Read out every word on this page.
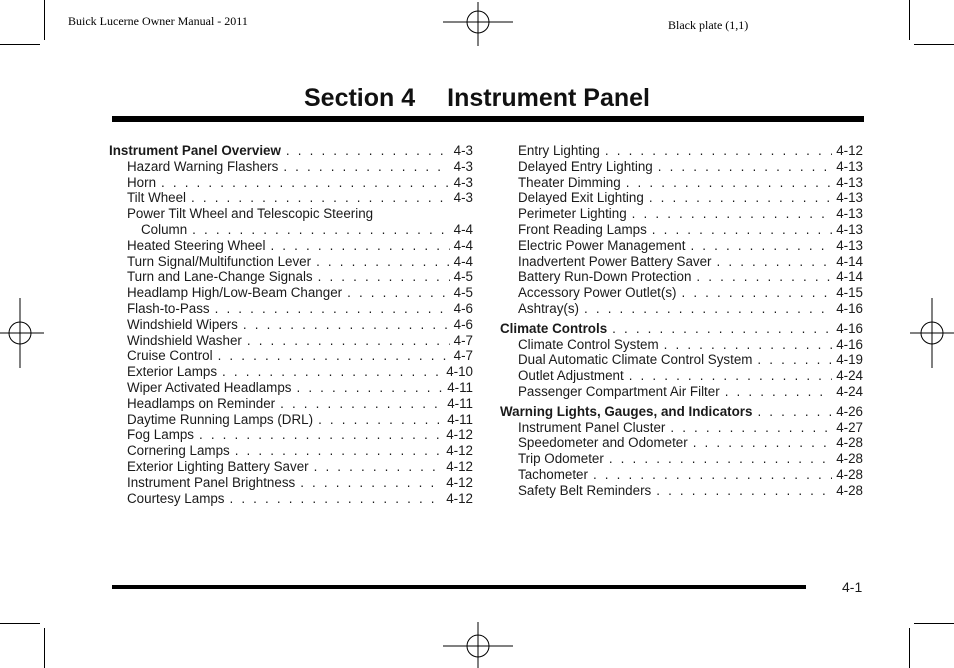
Buick Lucerne Owner Manual - 2011	Black plate (1,1)
Section 4 Instrument Panel
Instrument Panel Overview . . .	4-3
Hazard Warning Flashers . . .	4-3
Horn . . .	4-3
Tilt Wheel . . .	4-3
Power Tilt Wheel and Telescopic Steering
Column . . .	4-4
Heated Steering Wheel . . .	4-4
Turn Signal/Multifunction Lever . . .	4-4
Turn and Lane-Change Signals . . .	4-5
Headlamp High/Low-Beam Changer . . .	4-5
Flash-to-Pass . . .	4-6
Windshield Wipers . . .	4-6
Windshield Washer . . .	4-7
Cruise Control . . .	4-7
Exterior Lamps . . .	4-10
Wiper Activated Headlamps . . .	4-11
Headlamps on Reminder . . .	4-11
Daytime Running Lamps (DRL) . . .	4-11
Fog Lamps . . .	4-12
Cornering Lamps . . .	4-12
Exterior Lighting Battery Saver . . .	4-12
Instrument Panel Brightness . . .	4-12
Courtesy Lamps . . .	4-12
Entry Lighting . . .	4-12
Delayed Entry Lighting . . .	4-13
Theater Dimming . . .	4-13
Delayed Exit Lighting . . .	4-13
Perimeter Lighting . . .	4-13
Front Reading Lamps . . .	4-13
Electric Power Management . . .	4-13
Inadvertent Power Battery Saver . . .	4-14
Battery Run-Down Protection . . .	4-14
Accessory Power Outlet(s) . . .	4-15
Ashtray(s) . . .	4-16
Climate Controls . . .	4-16
Climate Control System . . .	4-16
Dual Automatic Climate Control System . . .	4-19
Outlet Adjustment . . .	4-24
Passenger Compartment Air Filter . . .	4-24
Warning Lights, Gauges, and Indicators . . .	4-26
Instrument Panel Cluster . . .	4-27
Speedometer and Odometer . . .	4-28
Trip Odometer . . .	4-28
Tachometer . . .	4-28
Safety Belt Reminders . . .	4-28
4-1
